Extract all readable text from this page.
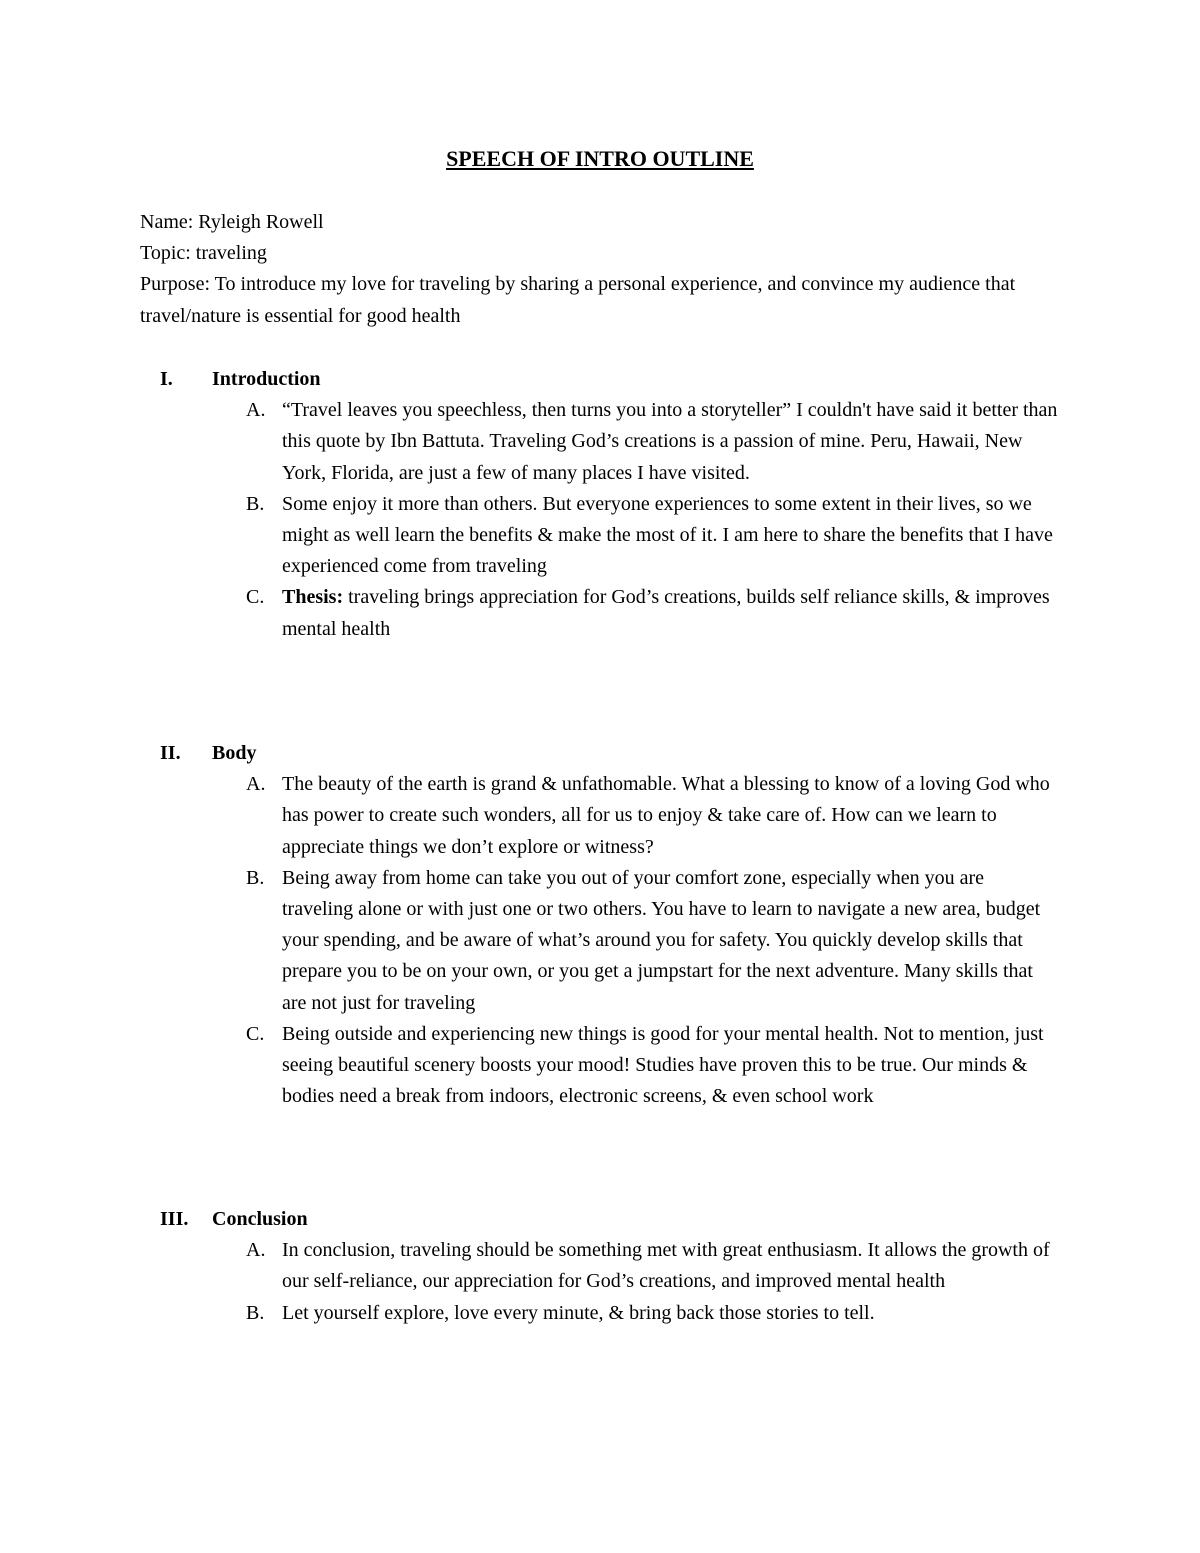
SPEECH OF INTRO OUTLINE
Name: Ryleigh Rowell
Topic: traveling
Purpose: To introduce my love for traveling by sharing a personal experience, and convince my audience that travel/nature is essential for good health
I. Introduction
A. “Travel leaves you speechless, then turns you into a storyteller” I couldn't have said it better than this quote by Ibn Battuta. Traveling God’s creations is a passion of mine. Peru, Hawaii, New York, Florida, are just a few of many places I have visited.
B. Some enjoy it more than others. But everyone experiences to some extent in their lives, so we might as well learn the benefits & make the most of it. I am here to share the benefits that I have experienced come from traveling
C. Thesis: traveling brings appreciation for God’s creations, builds self reliance skills, & improves mental health
II. Body
A. The beauty of the earth is grand & unfathomable. What a blessing to know of a loving God who has power to create such wonders, all for us to enjoy & take care of. How can we learn to appreciate things we don’t explore or witness?
B. Being away from home can take you out of your comfort zone, especially when you are traveling alone or with just one or two others. You have to learn to navigate a new area, budget your spending, and be aware of what’s around you for safety. You quickly develop skills that prepare you to be on your own, or you get a jumpstart for the next adventure. Many skills that are not just for traveling
C. Being outside and experiencing new things is good for your mental health. Not to mention, just seeing beautiful scenery boosts your mood! Studies have proven this to be true. Our minds & bodies need a break from indoors, electronic screens, & even school work
III. Conclusion
A. In conclusion, traveling should be something met with great enthusiasm. It allows the growth of our self-reliance, our appreciation for God’s creations, and improved mental health
B. Let yourself explore, love every minute, & bring back those stories to tell.
